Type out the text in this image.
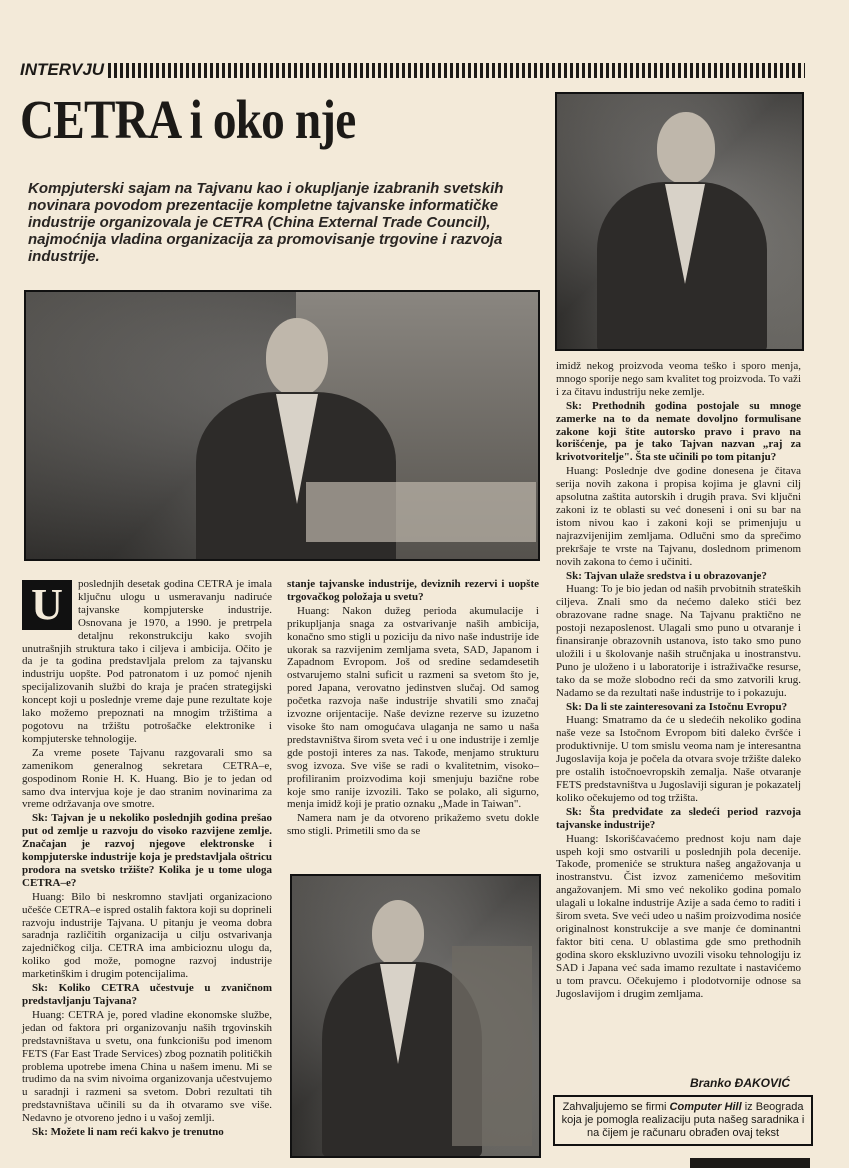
INTERVJU
CETRA i oko nje

Kompjuterski sajam na Tajvanu kao i okupljanje izabranih svetskih novinara povodom prezentacije kompletne tajvanske informatičke industrije organizovala je CETRA (China External Trade Council), najmoćnija vladina organizacija za promovisanje trgovine i razvoja industrije.

U	poslednjih desetak godina CETRA je imala ključnu ulogu u usmeravanju nadiruće tajvanske kompjuterske industrije. Osnovana je 1970, a 1990. je pretrpela detaljnu rekonstrukciju kako svojih unutrašnjih struktura tako i ciljeva i ambicija. Očito je da je ta godina predstavljala prelom za tajvansku industriju uopšte. Pod patronatom i uz pomoć njenih specijalizovanih službi do kraja je praćen strategijski koncept koji u poslednje vreme daje pune rezultate koje lako možemo prepoznati na mnogim tržištima a pogotovu na tržištu potrošačke elektronike i kompjuterske tehnologije.

Za vreme posete Tajvanu razgovarali smo sa zamenikom generalnog sekretara CETRA–e, gospodinom Ronie H. K. Huang. Bio je to jedan od samo dva intervjua koje je dao stranim novinarima za vreme održavanja ove smotre.

Sk: Tajvan je u nekoliko poslednjih godina prešao put od zemlje u razvoju do visoko razvijene zemlje. Značajan je razvoj njegove elektronske i kompjuterske industrije koja je predstavljala oštricu prodora na svetsko tržište? Kolika je u tome uloga CETRA–e?

Huang: Bilo bi neskromno stavljati organizaciono učešće CETRA–e ispred ostalih faktora koji su doprineli razvoju industrije Tajvana. U pitanju je veoma dobra saradnja različitih organizacija u cilju ostvarivanja zajedničkog cilja. CETRA ima ambicioznu ulogu da, koliko god može, pomogne razvoj industrije marketinškim i drugim potencijalima.

Sk: Koliko CETRA učestvuje u zvaničnom predstavljanju Tajvana?

Huang: CETRA je, pored vladine ekonomske službe, jedan od faktora pri organizovanju naših trgovinskih predstavništava u svetu, ona funkcionišu pod imenom FETS (Far East Trade Services) zbog poznatih političkih problema upotrebe imena China u našem imenu. Mi se trudimo da na svim nivoima organizovanja učestvujemo u saradnji i razmeni sa svetom. Dobri rezultati tih predstavništava učinili su da ih otvaramo sve više. Nedavno je otvoreno jedno i u vašoj zemlji.

Sk: Možete li nam reći kakvo je trenutno

stanje tajvanske industrije, deviznih rezervi i uopšte trgovačkog položaja u svetu?

Huang: Nakon dužeg perioda akumulacije i prikupljanja snaga za ostvarivanje naših ambicija, konačno smo stigli u poziciju da nivo naše industrije ide ukorak sa razvijenim zemljama sveta, SAD, Japanom i Zapadnom Evropom. Još od sredine sedamdesetih ostvarujemo stalni suficit u razmeni sa svetom što je, pored Japana, verovatno jedinstven slučaj. Od samog početka razvoja naše industrije shvatili smo značaj izvozne orijentacije. Naše devizne rezerve su izuzetno visoke što nam omogućava ulaganja ne samo u naša predstavništva širom sveta već i u one industrije i zemlje gde postoji interes za nas. Takođe, menjamo strukturu svog izvoza. Sve više se radi o kvalitetnim, visoko–profiliranim proizvodima koji smenjuju bazične robe koje smo ranije izvozili. Tako se polako, ali sigurno, menja imidž koji je pratio oznaku „Made in Taiwan".

Namera nam je da otvoreno prikažemo svetu dokle smo stigli. Primetili smo da se

imidž nekog proizvoda veoma teško i sporo menja, mnogo sporije nego sam kvalitet tog proizvoda. To važi i za čitavu industriju neke zemlje.

Sk: Prethodnih godina postojale su mnoge zamerke na to da nemate dovoljno formulisane zakone koji štite autorsko pravo i pravo na korišćenje, pa je tako Tajvan nazvan „raj za krivotvoritelje". Šta ste učinili po tom pitanju?

Huang: Poslednje dve godine donesena je čitava serija novih zakona i propisa kojima je glavni cilj apsolutna zaštita autorskih i drugih prava. Svi ključni zakoni iz te oblasti su već doneseni i oni su bar na istom nivou kao i zakoni koji se primenjuju u najrazvijenijim zemljama. Odlučni smo da sprečimo prekršaje te vrste na Tajvanu, doslednom primenom novih zakona to ćemo i učiniti.

Sk: Tajvan ulaže sredstva i u obrazovanje?

Huang: To je bio jedan od naših prvobitnih strateških ciljeva. Znali smo da nećemo daleko stići bez obrazovane radne snage. Na Tajvanu praktično ne postoji nezaposlenost. Ulagali smo puno u otvaranje i finansiranje obrazovnih ustanova, isto tako smo puno uložili i u školovanje naših stručnjaka u inostranstvu. Puno je uloženo i u laboratorije i istraživačke resurse, tako da se može slobodno reći da smo zatvorili krug. Nadamo se da rezultati naše industrije to i pokazuju.

Sk: Da li ste zainteresovani za Istočnu Evropu?

Huang: Smatramo da će u sledećih nekoliko godina naše veze sa Istočnom Evropom biti daleko čvršće i produktivnije. U tom smislu veoma nam je interesantna Jugoslavija koja je počela da otvara svoje tržište daleko pre ostalih istočnoevropskih zemalja. Naše otvaranje FETS predstavništva u Jugoslaviji siguran je pokazatelj koliko očekujemo od tog tržišta.

Sk: Šta predviđate za sledeći period razvoja tajvanske industrije?

Huang: Iskorišćavaćemo prednost koju nam daje uspeh koji smo ostvarili u poslednjih pola decenije. Takođe, promeniće se struktura našeg angažovanja u inostranstvu. Čist izvoz zamenićemo mešovitim angažovanjem. Mi smo već nekoliko godina pomalo ulagali u lokalne industrije Azije a sada ćemo to raditi i širom sveta. Sve veći udeo u našim proizvodima nosiće originalnost konstrukcije a sve manje će dominantni faktor biti cena. U oblastima gde smo prethodnih godina skoro ekskluzivno uvozili visoku tehnologiju iz SAD i Japana već sada imamo rezultate i nastavićemo u tom pravcu. Očekujemo i plodotvornije odnose sa Jugoslavijom i drugim zemljama.

Branko ĐAKOVIĆ
Zahvaljujemo se firmi Computer Hill iz Beograda koja je pomogla realizaciju puta našeg saradnika i na čijem je računaru obrađen ovaj tekst
